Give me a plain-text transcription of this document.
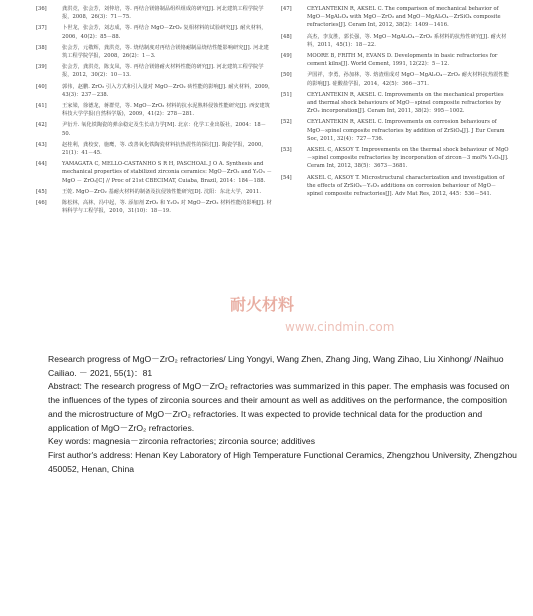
[36]	龚洪竞，张会芳，刘仲培，等. 再结合镁铬制品组织组成的研究[J]. 河北建筑工程学院学报，2008，26(3)：71－75.
[37]	卜世龙，张会芳，刘志成，等. 再结合 MgO－ZrO₂ 复相材料的试验研究[J]. 耐火材料，2006，40(2)：85－88.
[38]	张会芳，元敬辉，龚洪竞，等. 烧结制度对再结合镁铬耐制品烧结性能影响研究[J]. 河北建筑工程学院学报，2008，26(2)：1－3.
[39]	张会芳，龚洪竞，陈支凤，等. 再结合镁铬耐火材料性能的研究[J]. 河北建筑工程学院学报，2012，30(2)：10－13.
[40]	郭伟，赵鹏. ZrO₂ 引入方式和引入量对 MgO－ZrO₂ 砖性能的影响[J]. 耐火材料，2009，43(3)：237－238.
[41]	王家梁，徐德龙，蒋群党，等. MgO－ZrO₂ 材料的抗水泥熟料侵蚀性能研究[J]. 西安建筑科技大学学报(自然科学版)，2009，41(2)：278－281.
[42]	尹衍升. 氧化铁陶瓷的弹余稳定及生长动力学[M]. 北京：化学工业出版社，2004：18－50.
[43]	赵桂利，龚校安，施鹰，等. 改善氧化铁陶瓷材料抗热震性的探讨[J]. 陶瓷学报，2000，21(1)：41－45.
[44]	YAMAGATA C, MELLO-CASTANHO S R H, PASCHOAL J O A. Synthesis and mechanical properties of stabilized zirconia ceramics: MgO－ZrO₂ and Y₂O₃ － MgO － ZrO₂[C] // Proc of 21st CBECIMAT, Cuiaba, Brazil, 2014：184－188.
[45]	王乾. MgO－ZrO₂ 基耐火材料的制备及抗侵蚀性能研究[D]. 沈阳：东北大学，2011.
[46]	陈松林，高林，冯中起，等. 添加剂 ZrO₂ 和 Y₂O₃ 对 MgO－ZrO₂ 材料性能的影响[J]. 材料科学与工程学报，2010，31(10)：18－19.
[47]	CEYLANTEKIN R, AKSEL C. The comparison of mechanical behavior of MgO－MgAl₂O₄ with MgO－ZrO₂ and MgO－MgAl₂O₄－ZrSiO₄ composite refractories[J]. Ceram Int, 2012, 38(2)：1409－1416.
[48]	高杰，李友胜，郭长强，等. MgO－MgAl₂O₄－ZrO₂ 系材料的抗热性研究[J]. 耐火材料，2011，45(1)：18－22.
[49]	MOORE B, FRITH M, EVANS D. Developments in basic refractories for cement kilns[J]. World Cement, 1991, 12(22)：5－12.
[50]	尹国祥，李勇，孙加林，等. 熔渣组成对 MgO－MgAl₂O₄－ZrO₂ 耐火材料抗热震性能的影响[J]. 硅酸盐学报，2014，42(5)：366－371.
[51]	CEYLANTEKIN R, AKSEL C. Improvements on the mechanical properties and thermal shock behaviours of MgO－spinel composite refractories by ZrO₂ incorporation[J]. Ceram Int, 2011, 38(2)：995－1002.
[52]	CEYLANTEKIN R, AKSEL C. Improvements on corrosion behaviours of MgO－spinel composite refractories by addition of ZrSiO₄[J]. J Eur Ceram Soc, 2011, 32(4)：727－736.
[53]	AKSEL C, AKSOY T. Improvements on the thermal shock behaviour of MgO－spinel composite refractories by incorporation of zircon－3 mol% Y₂O₃[J]. Ceram Int, 2012, 38(5)：3673－3681.
[54]	AKSEL C, AKSOY T. Microstructural characterization and investigation of the effects of ZrSiO₄－Y₂O₃ additions on corrosion behaviour of MgO－spinel composite refractories[J]. Adv Mat Res, 2012, 445：536－541.
耐火材料
www.cindmin.com

Research progress of MgO－ZrO₂ refractories/ Ling Yongyi, Wang Zhen, Zhang Jing, Wang Zihao, Liu Xinhong/ /Naihuo Cailiao. － 2021, 55(1)：81

Abstract: The research progress of MgO－ZrO₂ refractories was summarized in this paper. The emphasis was focused on the influences of the types of zirconia sources and their amount as well as additives on the performance, the composition and the microstructure of MgO－ZrO₂ refractories. It was expected to provide technical data for the production and application of MgO－ZrO₂ refractories.

Key words: magnesia－zirconia refractories; zirconia source; additives

First author's address: Henan Key Laboratory of High Temperature Functional Ceramics, Zhengzhou University, Zhengzhou 450052, Henan, China
